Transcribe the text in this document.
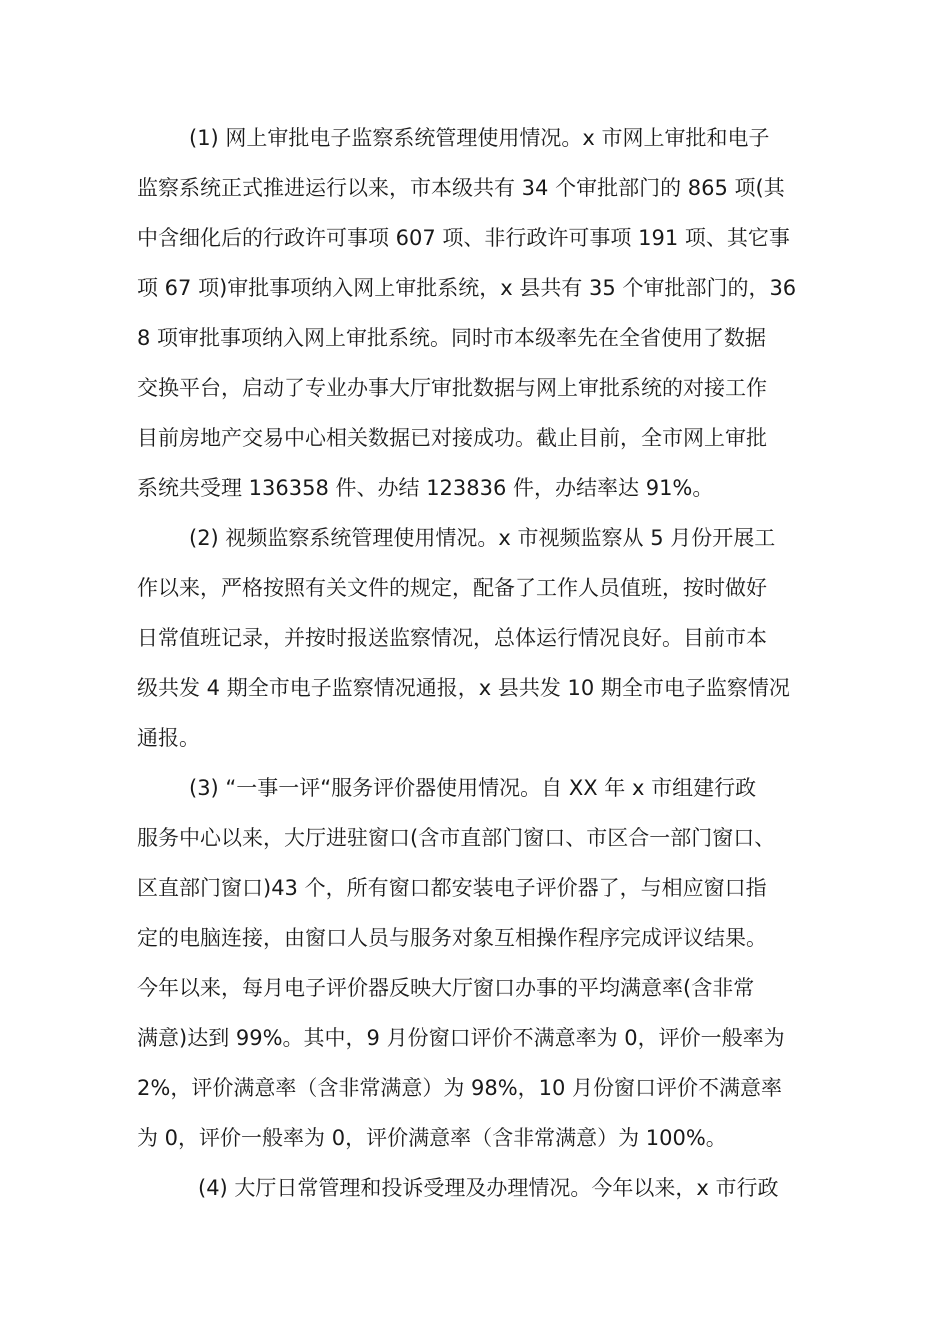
(1) 网上审批电子监察系统管理使用情况。x 市网上审批和电子

监察系统正式推进运行以来，市本级共有 34 个审批部门的 865 项(其

中含细化后的行政许可事项 607 项、非行政许可事项 191 项、其它事

项 67 项)审批事项纳入网上审批系统，x 县共有 35 个审批部门的，36

8 项审批事项纳入网上审批系统。同时市本级率先在全省使用了数据

交换平台，启动了专业办事大厅审批数据与网上审批系统的对接工作

目前房地产交易中心相关数据已对接成功。截止目前，全市网上审批

系统共受理 136358 件、办结 123836 件，办结率达 91%。

(2) 视频监察系统管理使用情况。x 市视频监察从 5 月份开展工

作以来，严格按照有关文件的规定，配备了工作人员值班，按时做好

日常值班记录，并按时报送监察情况，总体运行情况良好。目前市本

级共发 4 期全市电子监察情况通报，x 县共发 10 期全市电子监察情况

通报。

(3) “一事一评“服务评价器使用情况。自 XX 年 x 市组建行政

服务中心以来，大厅进驻窗口(含市直部门窗口、市区合一部门窗口、

区直部门窗口)43 个，所有窗口都安装电子评价器了，与相应窗口指

定的电脑连接，由窗口人员与服务对象互相操作程序完成评议结果。

今年以来，每月电子评价器反映大厅窗口办事的平均满意率(含非常

满意)达到 99%。其中，9 月份窗口评价不满意率为 0，评价一般率为

2%，评价满意率（含非常满意）为 98%，10 月份窗口评价不满意率

为 0，评价一般率为 0，评价满意率（含非常满意）为 100%。

(4) 大厅日常管理和投诉受理及办理情况。今年以来，x 市行政
